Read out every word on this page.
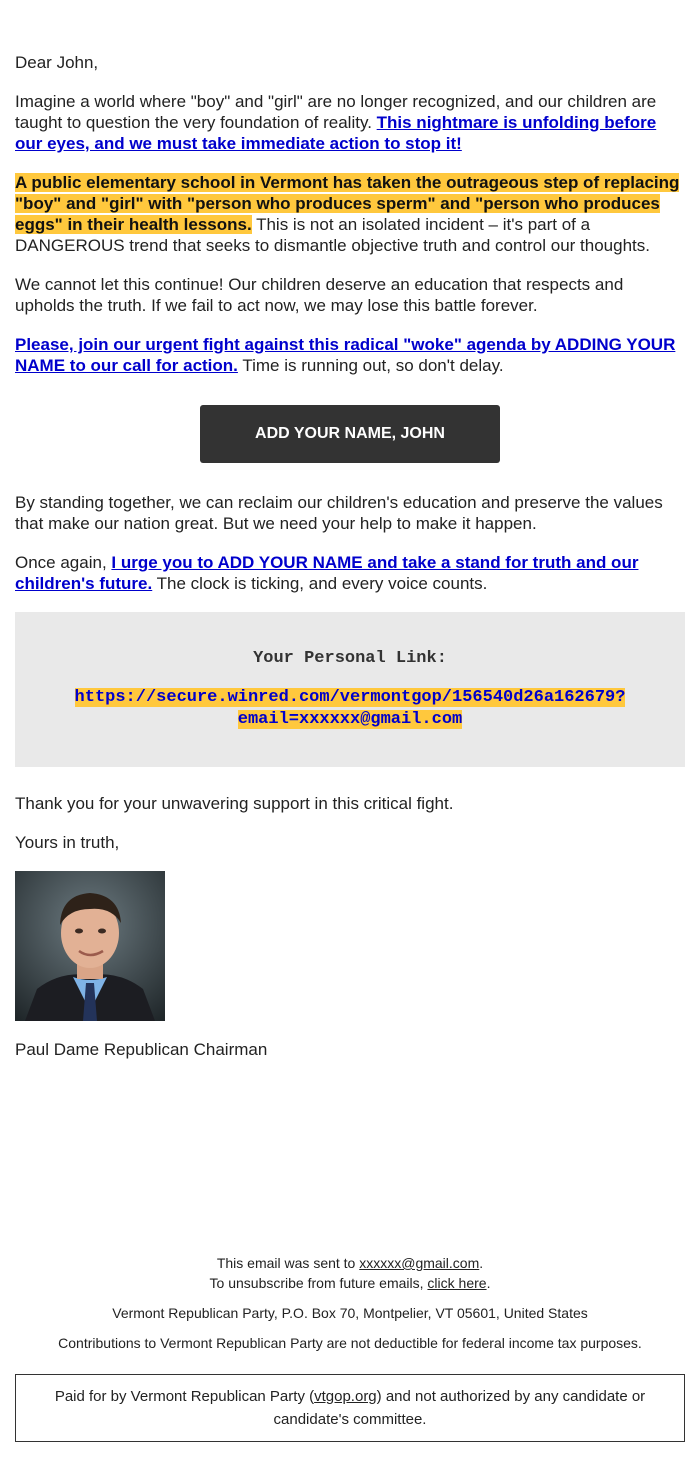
Dear John,

Imagine a world where "boy" and "girl" are no longer recognized, and our children are taught to question the very foundation of reality. This nightmare is unfolding before our eyes, and we must take immediate action to stop it!

A public elementary school in Vermont has taken the outrageous step of replacing "boy" and "girl" with "person who produces sperm" and "person who produces eggs" in their health lessons. This is not an isolated incident – it's part of a DANGEROUS trend that seeks to dismantle objective truth and control our thoughts.

We cannot let this continue! Our children deserve an education that respects and upholds the truth. If we fail to act now, we may lose this battle forever.

Please, join our urgent fight against this radical "woke" agenda by ADDING YOUR NAME to our call for action. Time is running out, so don't delay.

ADD YOUR NAME, JOHN

By standing together, we can reclaim our children's education and preserve the values that make our nation great. But we need your help to make it happen.

Once again, I urge you to ADD YOUR NAME and take a stand for truth and our children's future. The clock is ticking, and every voice counts.

Your Personal Link:
https://secure.winred.com/vermontgop/156540d26a162679?
email=xxxxxx@gmail.com

Thank you for your unwavering support in this critical fight.

Yours in truth,

Paul Dame Republican Chairman

This email was sent to xxxxxx@gmail.com.

To unsubscribe from future emails, click here.

Vermont Republican Party, P.O. Box 70, Montpelier, VT 05601, United States

Contributions to Vermont Republican Party are not deductible for federal income tax purposes.

Paid for by Vermont Republican Party (vtgop.org) and not authorized by any candidate or candidate's committee.
